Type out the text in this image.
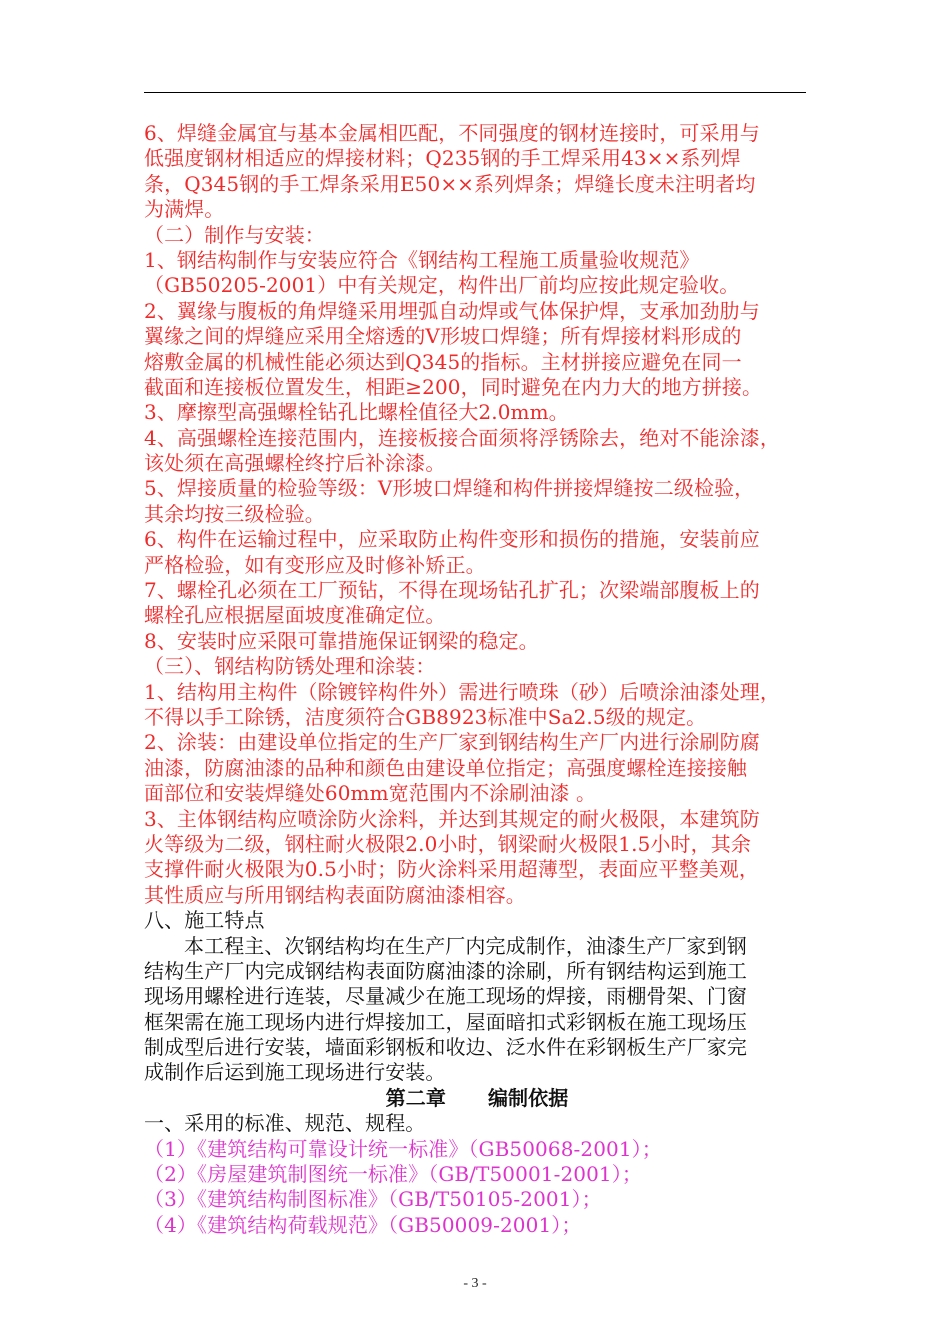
6、焊缝金属宜与基本金属相匹配，不同强度的钢材连接时，可采用与
低强度钢材相适应的焊接材料；Q235钢的手工焊采用43××系列焊
条，Q345钢的手工焊条采用E50××系列焊条；焊缝长度未注明者均
为满焊。
（二）制作与安装：
1、钢结构制作与安装应符合《钢结构工程施工质量验收规范》
（GB50205-2001）中有关规定，构件出厂前均应按此规定验收。
2、翼缘与腹板的角焊缝采用埋弧自动焊或气体保护焊，支承加劲肋与
翼缘之间的焊缝应采用全熔透的V形坡口焊缝；所有焊接材料形成的
熔敷金属的机械性能必须达到Q345的指标。主材拼接应避免在同一
截面和连接板位置发生，相距≥200，同时避免在内力大的地方拼接。
3、摩擦型高强螺栓钻孔比螺栓值径大2.0mm。
4、高强螺栓连接范围内，连接板接合面须将浮锈除去，绝对不能涂漆，
该处须在高强螺栓终拧后补涂漆。
5、焊接质量的检验等级：V形坡口焊缝和构件拼接焊缝按二级检验，
其余均按三级检验。
6、构件在运输过程中，应采取防止构件变形和损伤的措施，安装前应
严格检验，如有变形应及时修补矫正。
7、螺栓孔必须在工厂预钻，不得在现场钻孔扩孔；次梁端部腹板上的
螺栓孔应根据屋面坡度准确定位。
8、安装时应采限可靠措施保证钢梁的稳定。
（三）、钢结构防锈处理和涂装：
1、结构用主构件（除镀锌构件外）需进行喷珠（砂）后喷涂油漆处理，
不得以手工除锈，洁度须符合GB8923标准中Sa2.5级的规定。
2、涂装：由建设单位指定的生产厂家到钢结构生产厂内进行涂刷防腐
油漆，防腐油漆的品种和颜色由建设单位指定；高强度螺栓连接接触
面部位和安装焊缝处60mm宽范围内不涂刷油漆 。
3、主体钢结构应喷涂防火涂料，并达到其规定的耐火极限，本建筑防
火等级为二级，钢柱耐火极限2.0小时，钢梁耐火极限1.5小时，其余
支撑件耐火极限为0.5小时；防火涂料采用超薄型，表面应平整美观，
其性质应与所用钢结构表面防腐油漆相容。
八、施工特点
本工程主、次钢结构均在生产厂内完成制作，油漆生产厂家到钢
结构生产厂内完成钢结构表面防腐油漆的涂刷，所有钢结构运到施工
现场用螺栓进行连装，尽量减少在施工现场的焊接，雨棚骨架、门窗
框架需在施工现场内进行焊接加工，屋面暗扣式彩钢板在施工现场压
制成型后进行安装，墙面彩钢板和收边、泛水件在彩钢板生产厂家完
成制作后运到施工现场进行安装。
第二章 编制依据
一、采用的标准、规范、规程。
（1）《建筑结构可靠设计统一标准》（GB50068-2001）；
（2）《房屋建筑制图统一标准》（GB/T50001-2001）；
（3）《建筑结构制图标准》（GB/T50105-2001）；
（4）《建筑结构荷载规范》（GB50009-2001）；
- 3 -
